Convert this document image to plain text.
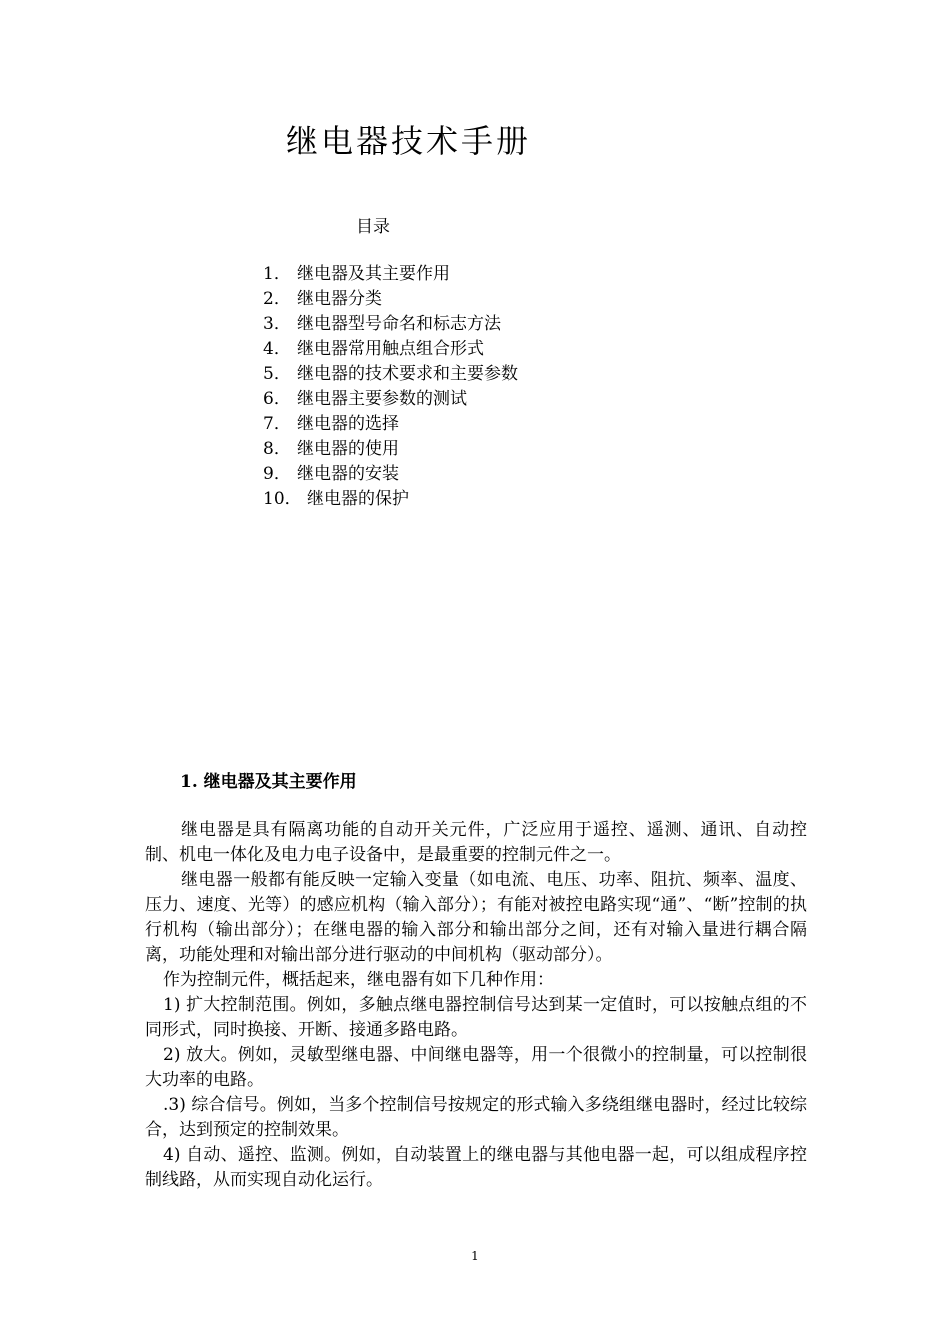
继电器技术手册
目录
1． 继电器及其主要作用
2． 继电器分类
3． 继电器型号命名和标志方法
4． 继电器常用触点组合形式
5． 继电器的技术要求和主要参数
6． 继电器主要参数的测试
7． 继电器的选择
8． 继电器的使用
9． 继电器的安装
10． 继电器的保护
1. 继电器及其主要作用

继电器是具有隔离功能的自动开关元件，广泛应用于遥控、遥测、通讯、自动控制、机电一体化及电力电子设备中，是最重要的控制元件之一。

继电器一般都有能反映一定输入变量（如电流、电压、功率、阻抗、频率、温度、压力、速度、光等）的感应机构（输入部分）；有能对被控电路实现“通”、“断”控制的执行机构（输出部分）；在继电器的输入部分和输出部分之间，还有对输入量进行耦合隔离，功能处理和对输出部分进行驱动的中间机构（驱动部分）。

作为控制元件，概括起来，继电器有如下几种作用：

1) 扩大控制范围。例如，多触点继电器控制信号达到某一定值时，可以按触点组的不同形式，同时换接、开断、接通多路电路。

2) 放大。例如，灵敏型继电器、中间继电器等，用一个很微小的控制量，可以控制很大功率的电路。

.3) 综合信号。例如，当多个控制信号按规定的形式输入多绕组继电器时，经过比较综合，达到预定的控制效果。

4) 自动、遥控、监测。例如，自动装置上的继电器与其他电器一起，可以组成程序控制线路，从而实现自动化运行。

1
